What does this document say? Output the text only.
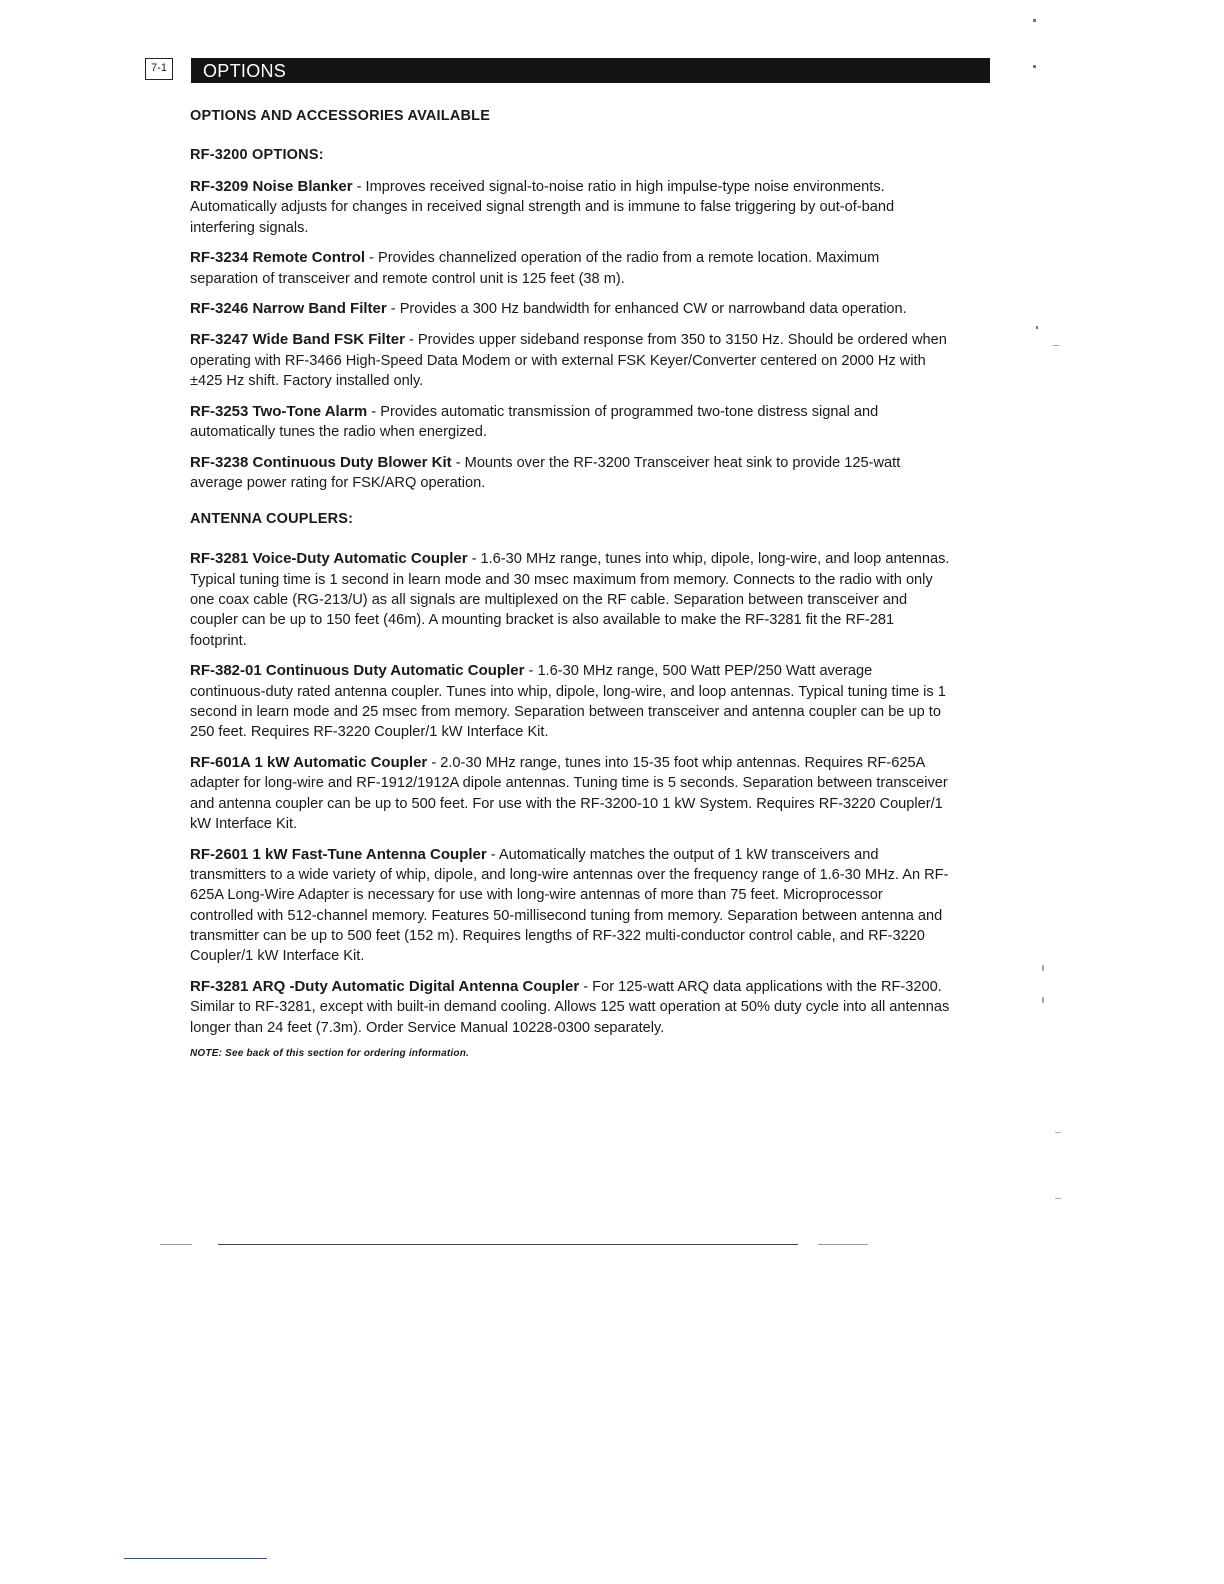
7-1	OPTIONS
OPTIONS AND ACCESSORIES AVAILABLE
RF-3200 OPTIONS:

RF-3209 Noise Blanker - Improves received signal-to-noise ratio in high impulse-type noise environments. Automatically adjusts for changes in received signal strength and is immune to false triggering by out-of-band interfering signals.

RF-3234 Remote Control - Provides channelized operation of the radio from a remote location. Maximum separation of transceiver and remote control unit is 125 feet (38 m).

RF-3246 Narrow Band Filter - Provides a 300 Hz bandwidth for enhanced CW or narrowband data operation.

RF-3247 Wide Band FSK Filter - Provides upper sideband response from 350 to 3150 Hz. Should be ordered when operating with RF-3466 High-Speed Data Modem or with external FSK Keyer/Converter centered on 2000 Hz with ±425 Hz shift. Factory installed only.

RF-3253 Two-Tone Alarm - Provides automatic transmission of programmed two-tone distress signal and automatically tunes the radio when energized.

RF-3238 Continuous Duty Blower Kit - Mounts over the RF-3200 Transceiver heat sink to provide 125-watt average power rating for FSK/ARQ operation.

ANTENNA COUPLERS:

RF-3281 Voice-Duty Automatic Coupler - 1.6-30 MHz range, tunes into whip, dipole, long-wire, and loop antennas. Typical tuning time is 1 second in learn mode and 30 msec maximum from memory. Connects to the radio with only one coax cable (RG-213/U) as all signals are multiplexed on the RF cable. Separation between transceiver and coupler can be up to 150 feet (46m). A mounting bracket is also available to make the RF-3281 fit the RF-281 footprint.

RF-382-01 Continuous Duty Automatic Coupler - 1.6-30 MHz range, 500 Watt PEP/250 Watt average continuous-duty rated antenna coupler. Tunes into whip, dipole, long-wire, and loop antennas. Typical tuning time is 1 second in learn mode and 25 msec from memory. Separation between transceiver and antenna coupler can be up to 250 feet. Requires RF-3220 Coupler/1 kW Interface Kit.

RF-601A 1 kW Automatic Coupler - 2.0-30 MHz range, tunes into 15-35 foot whip antennas. Requires RF-625A adapter for long-wire and RF-1912/1912A dipole antennas. Tuning time is 5 seconds. Separation between transceiver and antenna coupler can be up to 500 feet. For use with the RF-3200-10 1 kW System. Requires RF-3220 Coupler/1 kW Interface Kit.

RF-2601 1 kW Fast-Tune Antenna Coupler - Automatically matches the output of 1 kW transceivers and transmitters to a wide variety of whip, dipole, and long-wire antennas over the frequency range of 1.6-30 MHz. An RF-625A Long-Wire Adapter is necessary for use with long-wire antennas of more than 75 feet. Microprocessor controlled with 512-channel memory. Features 50-millisecond tuning from memory. Separation between antenna and transmitter can be up to 500 feet (152 m). Requires lengths of RF-322 multi-conductor control cable, and RF-3220 Coupler/1 kW Interface Kit.

RF-3281 ARQ -Duty Automatic Digital Antenna Coupler - For 125-watt ARQ data applications with the RF-3200. Similar to RF-3281, except with built-in demand cooling. Allows 125 watt operation at 50% duty cycle into all antennas longer than 24 feet (7.3m). Order Service Manual 10228-0300 separately.

NOTE: See back of this section for ordering information.
